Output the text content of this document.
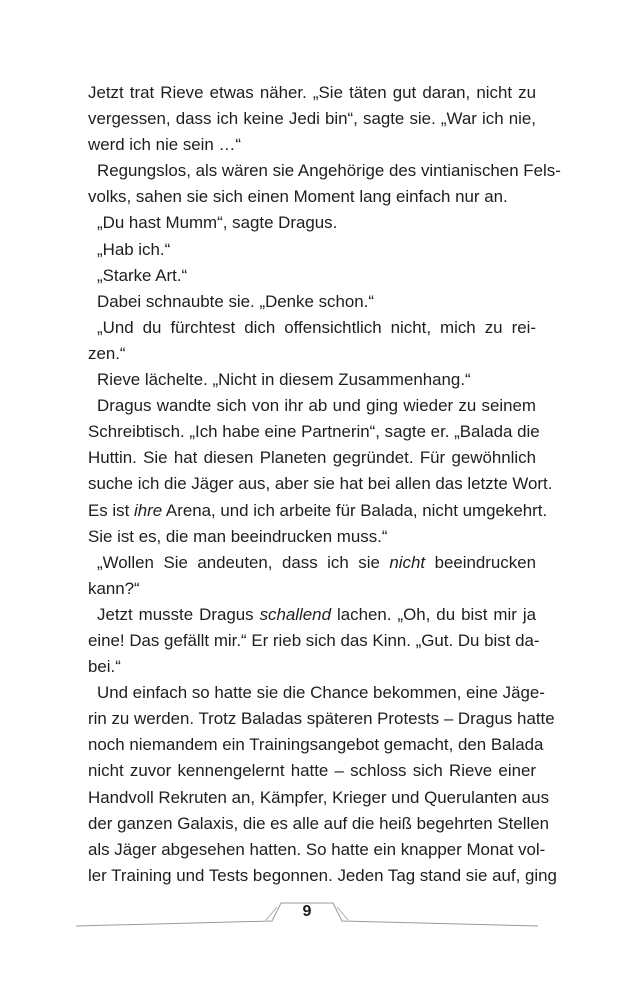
Jetzt trat Rieve etwas näher. „Sie täten gut daran, nicht zu
vergessen, dass ich keine Jedi bin“, sagte sie. „War ich nie,
werd ich nie sein …“
Regungslos, als wären sie Angehörige des vintianischen Fels-
volks, sahen sie sich einen Moment lang einfach nur an.
„Du hast Mumm“, sagte Dragus.
„Hab ich.“
„Starke Art.“
Dabei schnaubte sie. „Denke schon.“
„Und du fürchtest dich offensichtlich nicht, mich zu rei-
zen.“
Rieve lächelte. „Nicht in diesem Zusammenhang.“
Dragus wandte sich von ihr ab und ging wieder zu seinem
Schreibtisch. „Ich habe eine Partnerin“, sagte er. „Balada die
Huttin. Sie hat diesen Planeten gegründet. Für gewöhnlich
suche ich die Jäger aus, aber sie hat bei allen das letzte Wort.
Es ist ihre Arena, und ich arbeite für Balada, nicht umgekehrt.
Sie ist es, die man beeindrucken muss.“
„Wollen Sie andeuten, dass ich sie nicht beeindrucken
kann?“
Jetzt musste Dragus schallend lachen. „Oh, du bist mir ja
eine! Das gefällt mir.“ Er rieb sich das Kinn. „Gut. Du bist da-
bei.“
Und einfach so hatte sie die Chance bekommen, eine Jäge-
rin zu werden. Trotz Baladas späteren Protests – Dragus hatte
noch niemandem ein Trainingsangebot gemacht, den Balada
nicht zuvor kennengelernt hatte – schloss sich Rieve einer
Handvoll Rekruten an, Kämpfer, Krieger und Querulanten aus
der ganzen Galaxis, die es alle auf die heiß begehrten Stellen
als Jäger abgesehen hatten. So hatte ein knapper Monat vol-
ler Training und Tests begonnen. Jeden Tag stand sie auf, ging
9
